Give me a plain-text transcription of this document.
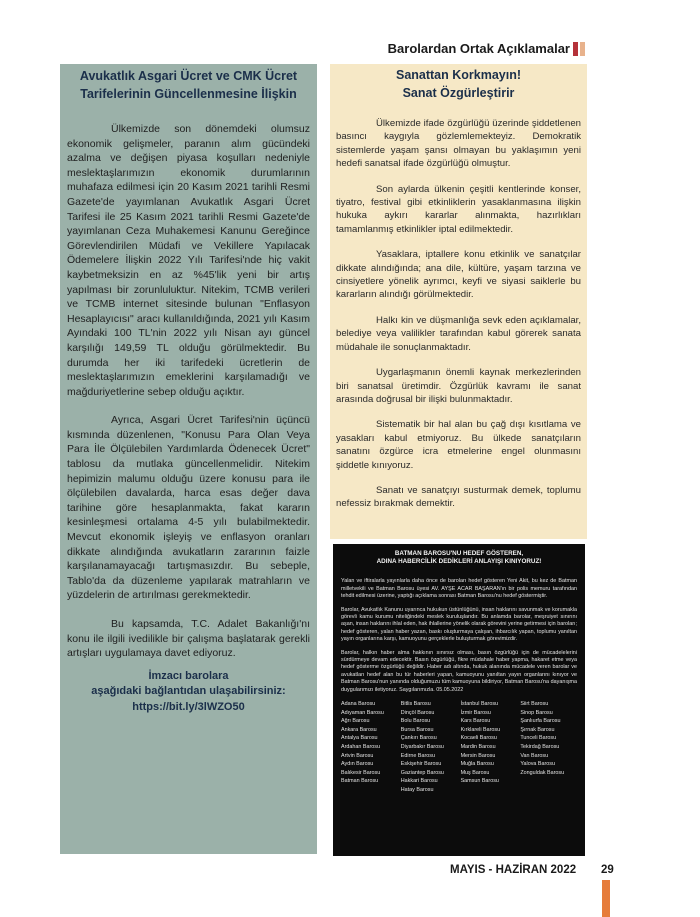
Barolardan Ortak Açıklamalar
Avukatlık Asgari Ücret ve CMK Ücret
Tarifelerinin Güncellenmesine İlişkin

Ülkemizde son dönemdeki olumsuz ekonomik gelişmeler, paranın alım gücündeki azalma ve değişen piyasa koşulları nedeniyle meslektaşlarımızın ekonomik durumlarının muhafaza edilmesi için 20 Kasım 2021 tarihli Resmi Gazete'de yayımlanan Avukatlık Asgari Ücret Tarifesi ile 25 Kasım 2021 tarihli Resmi Gazete'de yayımlanan Ceza Muhakemesi Kanunu Gereğince Görevlendirilen Müdafi ve Vekillere Yapılacak Ödemelere İlişkin 2022 Yılı Tarifesi'nde hiç vakit kaybetmeksizin en az %45'lik yeni bir artış yapılması bir zorunluluktur. Nitekim, TCMB verileri ve TCMB internet sitesinde bulunan "Enflasyon Hesaplayıcısı" aracı kullanıldığında, 2021 yılı Kasım Ayındaki 100 TL'nin 2022 yılı Nisan ayı güncel karşılığı 149,59 TL olduğu görülmektedir. Bu durumda her iki tarifedeki ücretlerin de meslektaşlarımızın emeklerini karşılamadığı ve mağduriyetlerine sebep olduğu açıktır.

Ayrıca, Asgari Ücret Tarifesi'nin üçüncü kısmında düzenlenen, "Konusu Para Olan Veya Para İle Ölçülebilen Yardımlarda Ödenecek Ücret" tablosu da mutlaka güncellenmelidir. Nitekim hepimizin malumu olduğu üzere konusu para ile ölçülebilen davalarda, harca esas değer dava tarihine göre hesaplanmakta, fakat kararın kesinleşmesi ortalama 4-5 yılı bulabilmektedir. Mevcut ekonomik işleyiş ve enflasyon oranları dikkate alındığında avukatların zararının faizle karşılanamayacağı tartışmasızdır. Bu sebeple, Tablo'da da düzenleme yapılarak matrahların ve yüzdelerin de artırılması gerekmektedir.

Bu kapsamda, T.C. Adalet Bakanlığı'nı konu ile ilgili ivedilikle bir çalışma başlatarak gerekli artışları uygulamaya davet ediyoruz.

İmzacı barolara
aşağıdaki bağlantıdan ulaşabilirsiniz:
https://bit.ly/3lWZO50
Sanattan Korkmayın!
Sanat Özgürleştirir

Ülkemizde ifade özgürlüğü üzerinde şiddetlenen basıncı kaygıyla gözlemlemekteyiz. Demokratik sistemlerde yaşam şansı olmayan bu yaklaşımın yeni hedefi sanatsal ifade özgürlüğü olmuştur.

Son aylarda ülkenin çeşitli kentlerinde konser, tiyatro, festival gibi etkinliklerin yasaklanmasına ilişkin hukuka aykırı kararlar alınmakta, hazırlıkları tamamlanmış etkinlikler iptal edilmektedir.

Yasaklara, iptallere konu etkinlik ve sanatçılar dikkate alındığında; ana dile, kültüre, yaşam tarzına ve cinsiyetlere yönelik ayrımcı, keyfi ve siyasi saiklerle bu kararların alındığı görülmektedir.

Halkı kin ve düşmanlığa sevk eden açıklamalar, belediye veya valilikler tarafından kabul görerek sanata müdahale ile sonuçlanmaktadır.

Uygarlaşmanın önemli kaynak merkezlerinden biri sanatsal üretimdir. Özgürlük kavramı ile sanat arasında doğrusal bir ilişki bulunmaktadır.

Sistematik bir hal alan bu çağ dışı kısıtlama ve yasakları kabul etmiyoruz. Bu ülkede sanatçıların sanatını özgürce icra etmelerine engel olunmasını şiddetle kınıyoruz.

Sanatı ve sanatçıyı susturmak demek, toplumu nefessiz bırakmak demektir.

BATMAN BAROSU'NU HEDEF GÖSTEREN,
ADINA HABERCİLİK DEDİKLERİ ANLAYIŞI KINIYORUZ!

Yalan ve iftiralarla yayınlarla daha önce de baroları hedef gösteren Yeni Akit, bu kez de Batman milletvekili ve Batman Barosu üyesi AV. AYŞE ACAR BAŞARAN'ın bir polis memuru tarafından tehdit edilmesi üzerine, yaptığı açıklama sonrası Batman Barosu'nu hedef göstermiştir.

Barolar, Avukatlık Kanunu uyarınca hukukun üstünlüğünü, insan haklarını savunmak ve korumakla görevli kamu kurumu niteliğindeki meslek kuruluşlarıdır. Bu anlamda barolar, meşruiyet sınırını aşan, insan haklarını ihlal eden, hak ihlallerine yönelik olarak görevini yerine getirmesi için baroları; hedef gösteren, yalan haber yazan, baskı oluşturmaya çalışan, ihbarcılık yapan, toplumu yanıltan yayın organlarına karşı, kamuoyunu gerçeklerle buluşturmak görevimizdir.

Barolar, halkın haber alma hakkının sınırsız olması, basın özgürlüğü için de mücadelelerini sürdürmeye devam edecektir. Basın özgürlüğü, fikre müdahale haber yapma, hakaret etme veya hedef gösterme özgürlüğü değildir. Haber adı altında, hukuk alanında mücadele veren barolar ve avukatları hedef alan bu tür haberleri yapan, kamuoyunu yanıltan yayın organlarını kınıyor ve Batman Barosu'nun yanında olduğumuzu tüm kamuoyuna bildiriyor, Batman Barosu'na dayanışma duygularımızı iletiyoruz. Saygılarımızla. 05.05.2022

Adana Barosu
Adıyaman Barosu
Ağrı Barosu
Ankara Barosu
Antalya Barosu
Ardahan Barosu
Artvin Barosu
Aydın Barosu
Balıkesir Barosu
Batman Barosu
Bitlis Barosu
Dinçöl Barosu
Bolu Barosu
Bursa Barosu
Çankırı Barosu
Diyarbakır Barosu
Edirne Barosu
Eskişehir Barosu
Gaziantep Barosu
Hakkari Barosu
Hatay Barosu
İstanbul Barosu
İzmir Barosu
Kars Barosu
Kırklareli Barosu
Kocaeli Barosu
Mardin Barosu
Mersin Barosu
Muğla Barosu
Muş Barosu
Samsun Barosu
Siirt Barosu
Sinop Barosu
Şanlıurfa Barosu
Şırnak Barosu
Tunceli Barosu
Tekirdağ Barosu
Van Barosu
Yalova Barosu
Zonguldak Barosu
MAYIS - HAZİRAN 2022 29
